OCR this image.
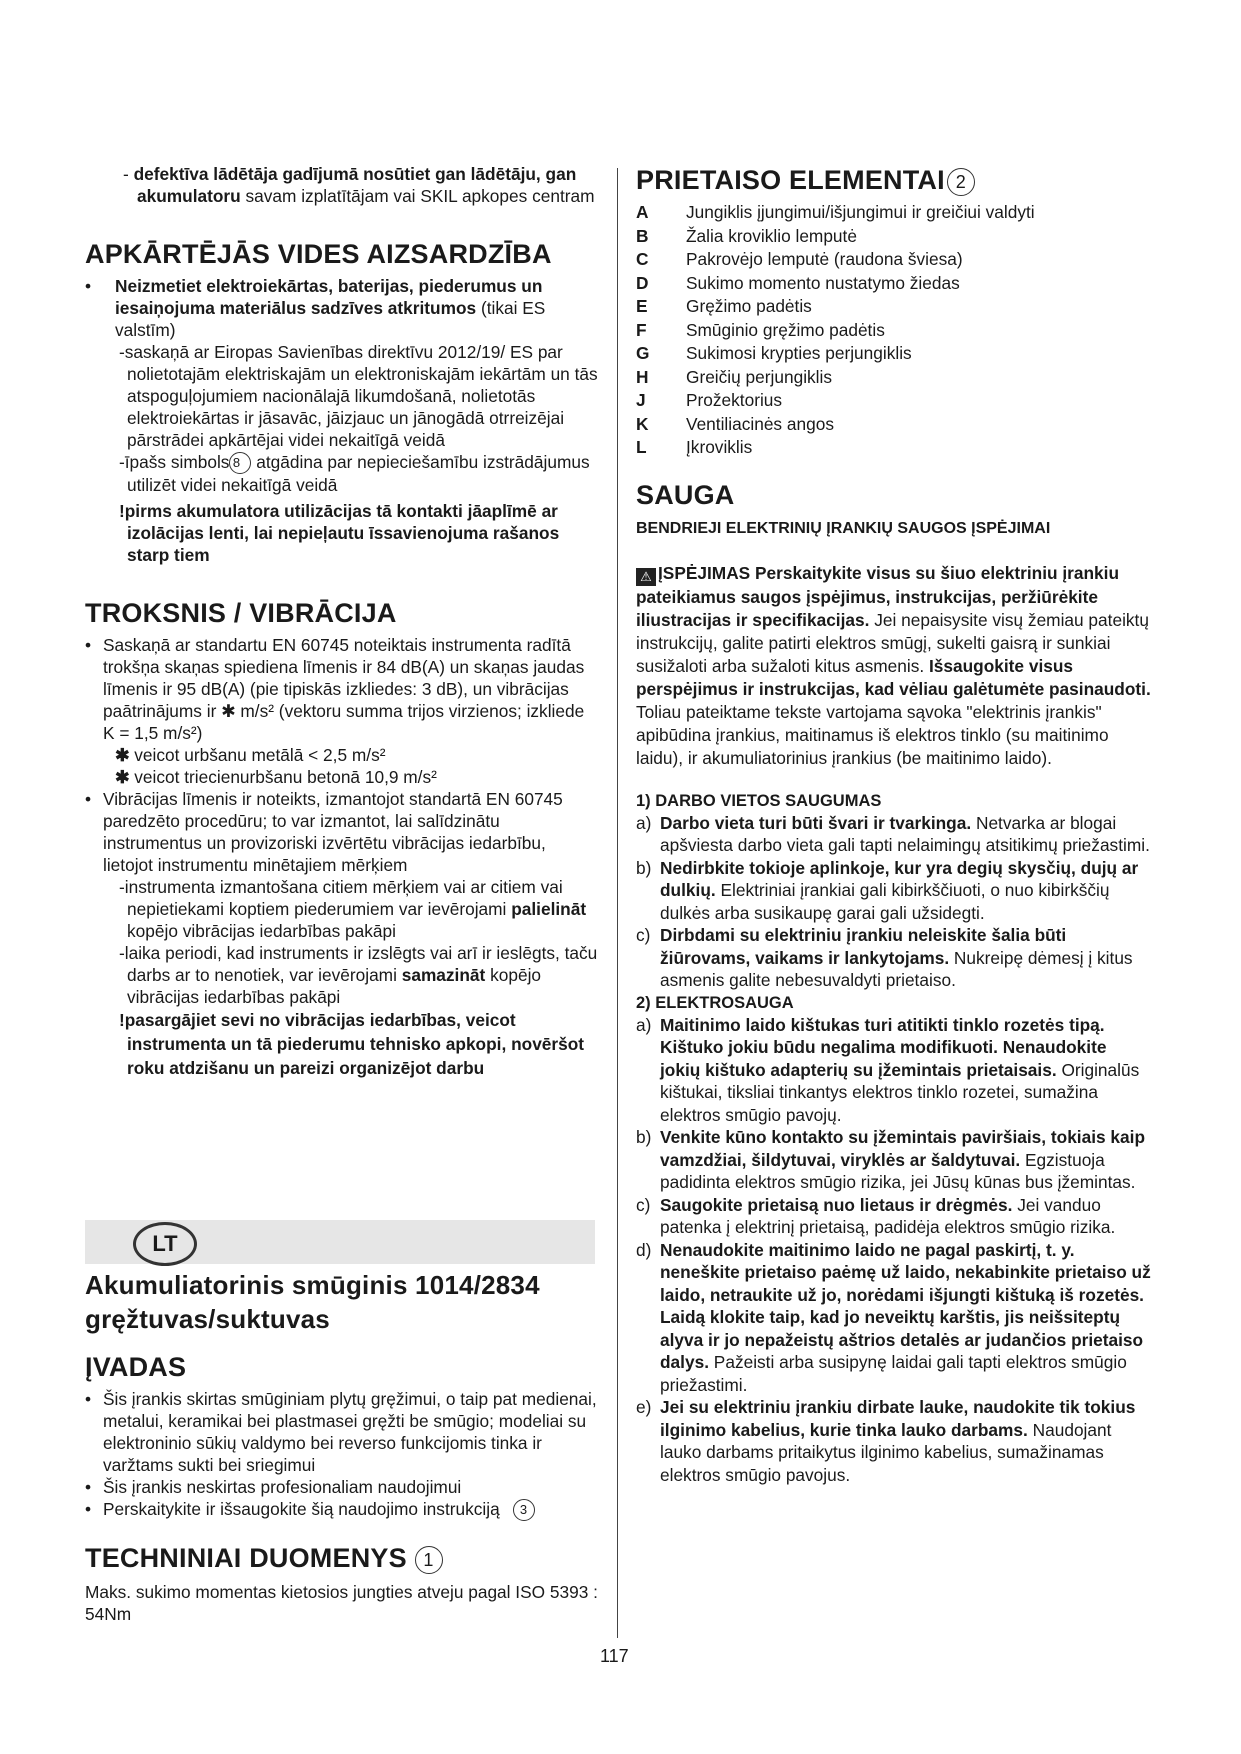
- defektīva lādētāja gadījumā nosūtiet gan lādētāju, gan akumulatoru savam izplatītājam vai SKIL apkopes centram

APKĀRTĒJĀS VIDES AIZSARDZĪBA
• Neizmetiet elektroiekārtas, baterijas, piederumus un iesaiņojuma materiālus sadzīves atkritumos (tikai ES valstīm)

-saskaņā ar Eiropas Savienības direktīvu 2012/19/ ES par nolietotajām elektriskajām un elektroniskajām iekārtām un tās atspoguļojumiem nacionālajā likumdošanā, nolietotās elektroiekārtas ir jāsavāc, jāizjauc un jānogādā otrreizējai pārstrādei apkārtējai videi nekaitīgā veidā

-īpašs simbols 8 atgādina par nepieciešamību izstrādājumus utilizēt videi nekaitīgā veidā

!pirms akumulatora utilizācijas tā kontakti jāaplīmē ar izolācijas lenti, lai nepieļautu īssavienojuma rašanos starp tiem

TROKSNIS / VIBRĀCIJA
• Saskaņā ar standartu EN 60745 noteiktais instrumenta radītā trokšņa skaņas spiediena līmenis ir 84 dB(A) un skaņas jaudas līmenis ir 95 dB(A) (pie tipiskās izkliedes: 3 dB), un vibrācijas paātrinājums ir ✱ m/s² (vektoru summa trijos virzienos; izkliede K = 1,5 m/s²)

✱ veicot urbšanu metālā < 2,5 m/s²

✱ veicot triecienurbšanu betonā 10,9 m/s²

• Vibrācijas līmenis ir noteikts, izmantojot standartā EN 60745 paredzēto procedūru; to var izmantot, lai salīdzinātu instrumentus un provizoriski izvērtētu vibrācijas iedarbību, lietojot instrumentu minētajiem mērķiem

-instrumenta izmantošana citiem mērķiem vai ar citiem vai nepietiekami koptiem piederumiem var ievērojami palielināt kopējo vibrācijas iedarbības pakāpi

-laika periodi, kad instruments ir izslēgts vai arī ir ieslēgts, taču darbs ar to nenotiek, var ievērojami samazināt kopējo vibrācijas iedarbības pakāpi

!pasargājiet sevi no vibrācijas iedarbības, veicot instrumenta un tā piederumu tehnisko apkopi, novēršot roku atdzišanu un pareizi organizējot darbu

LT
Akumuliatorinis smūginis 1014/2834 gręžtuvas/suktuvas
ĮVADAS
• Šis įrankis skirtas smūginiam plytų gręžimui, o taip pat medienai, metalui, keramikai bei plastmasei gręžti be smūgio; modeliai su elektroninio sūkių valdymo bei reverso funkcijomis tinka ir varžtams sukti bei sriegimui
• Šis įrankis neskirtas profesionaliam naudojimui
• Perskaitykite ir išsaugokite šią naudojimo instrukciją 3
TECHNINIAI DUOMENYS 1

Maks. sukimo momentas kietosios jungties atveju pagal ISO 5393 : 54Nm

PRIETAISO ELEMENTAI 2
A	Jungiklis įjungimui/išjungimui ir greičiui valdyti
B	Žalia kroviklio lemputė
C	Pakrovėjo lemputė (raudona šviesa)
D	Sukimo momento nustatymo žiedas
E	Gręžimo padėtis
F	Smūginio gręžimo padėtis
G	Sukimosi krypties perjungiklis
H	Greičių perjungiklis
J	Prožektorius
K	Ventiliacinės angos
L	Įkroviklis
SAUGA
BENDRIEJI ELEKTRINIŲ ĮRANKIŲ SAUGOS ĮSPĖJIMAI

⚠ ĮSPĖJIMAS Perskaitykite visus su šiuo elektriniu įrankiu pateikiamus saugos įspėjimus, instrukcijas, peržiūrėkite iliustracijas ir specifikacijas. Jei nepaisysite visų žemiau pateiktų instrukcijų, galite patirti elektros smūgį, sukelti gaisrą ir sunkiai susižaloti arba sužaloti kitus asmenis. Išsaugokite visus perspėjimus ir instrukcijas, kad vėliau galėtumėte pasinaudoti. Toliau pateiktame tekste vartojama sąvoka "elektrinis įrankis" apibūdina įrankius, maitinamus iš elektros tinklo (su maitinimo laidu), ir akumuliatorinius įrankius (be maitinimo laido).

1) DARBO VIETOS SAUGUMAS
a) Darbo vieta turi būti švari ir tvarkinga. Netvarka ar blogai apšviesta darbo vieta gali tapti nelaimingų atsitikimų priežastimi.
b) Nedirbkite tokioje aplinkoje, kur yra degių skysčių, dujų ar dulkių. Elektriniai įrankiai gali kibirkščiuoti, o nuo kibirkščių dulkės arba susikaupę garai gali užsidegti.
c) Dirbdami su elektriniu įrankiu neleiskite šalia būti žiūrovams, vaikams ir lankytojams. Nukreipę dėmesį į kitus asmenis galite nebesuvaldyti prietaiso.
2) ELEKTROSAUGA
a) Maitinimo laido kištukas turi atitikti tinklo rozetės tipą. Kištuko jokiu būdu negalima modifikuoti. Nenaudokite jokių kištuko adapterių su įžemintais prietaisais. Originalūs kištukai, tiksliai tinkantys elektros tinklo rozetei, sumažina elektros smūgio pavojų.
b) Venkite kūno kontakto su įžemintais paviršiais, tokiais kaip vamzdžiai, šildytuvai, viryklės ar šaldytuvai. Egzistuoja padidinta elektros smūgio rizika, jei Jūsų kūnas bus įžemintas.
c) Saugokite prietaisą nuo lietaus ir drėgmės. Jei vanduo patenka į elektrinį prietaisą, padidėja elektros smūgio rizika.
d) Nenaudokite maitinimo laido ne pagal paskirtį, t. y. neneškite prietaiso paėmę už laido, nekabinkite prietaiso už laido, netraukite už jo, norėdami išjungti kištuką iš rozetės. Laidą klokite taip, kad jo neveiktų karštis, jis neišsiteptų alyva ir jo nepažeistų aštrios detalės ar judančios prietaiso dalys. Pažeisti arba susipynę laidai gali tapti elektros smūgio priežastimi.
e) Jei su elektriniu įrankiu dirbate lauke, naudokite tik tokius ilginimo kabelius, kurie tinka lauko darbams. Naudojant lauko darbams pritaikytus ilginimo kabelius, sumažinamas elektros smūgio pavojus.
117
